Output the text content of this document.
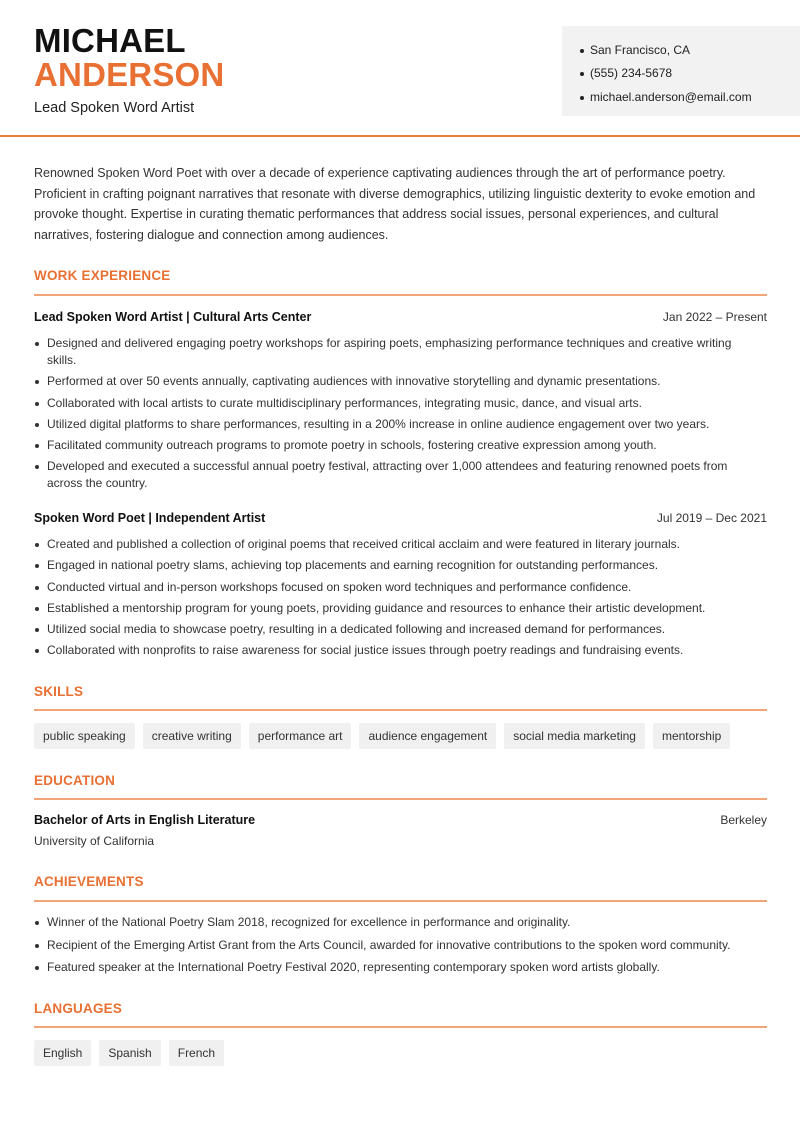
MICHAEL
ANDERSON
Lead Spoken Word Artist
San Francisco, CA
(555) 234-5678
michael.anderson@email.com

Renowned Spoken Word Poet with over a decade of experience captivating audiences through the art of performance poetry. Proficient in crafting poignant narratives that resonate with diverse demographics, utilizing linguistic dexterity to evoke emotion and provoke thought. Expertise in curating thematic performances that address social issues, personal experiences, and cultural narratives, fostering dialogue and connection among audiences.

WORK EXPERIENCE
Lead Spoken Word Artist | Cultural Arts Center	Jan 2022 – Present
Designed and delivered engaging poetry workshops for aspiring poets, emphasizing performance techniques and creative writing skills.
Performed at over 50 events annually, captivating audiences with innovative storytelling and dynamic presentations.
Collaborated with local artists to curate multidisciplinary performances, integrating music, dance, and visual arts.
Utilized digital platforms to share performances, resulting in a 200% increase in online audience engagement over two years.
Facilitated community outreach programs to promote poetry in schools, fostering creative expression among youth.
Developed and executed a successful annual poetry festival, attracting over 1,000 attendees and featuring renowned poets from across the country.
Spoken Word Poet | Independent Artist	Jul 2019 – Dec 2021
Created and published a collection of original poems that received critical acclaim and were featured in literary journals.
Engaged in national poetry slams, achieving top placements and earning recognition for outstanding performances.
Conducted virtual and in-person workshops focused on spoken word techniques and performance confidence.
Established a mentorship program for young poets, providing guidance and resources to enhance their artistic development.
Utilized social media to showcase poetry, resulting in a dedicated following and increased demand for performances.
Collaborated with nonprofits to raise awareness for social justice issues through poetry readings and fundraising events.
SKILLS
public speaking	creative writing	performance art	audience engagement	social media marketing	mentorship
EDUCATION
Bachelor of Arts in English Literature	Berkeley
University of California
ACHIEVEMENTS
Winner of the National Poetry Slam 2018, recognized for excellence in performance and originality.
Recipient of the Emerging Artist Grant from the Arts Council, awarded for innovative contributions to the spoken word community.
Featured speaker at the International Poetry Festival 2020, representing contemporary spoken word artists globally.
LANGUAGES
English	Spanish	French
